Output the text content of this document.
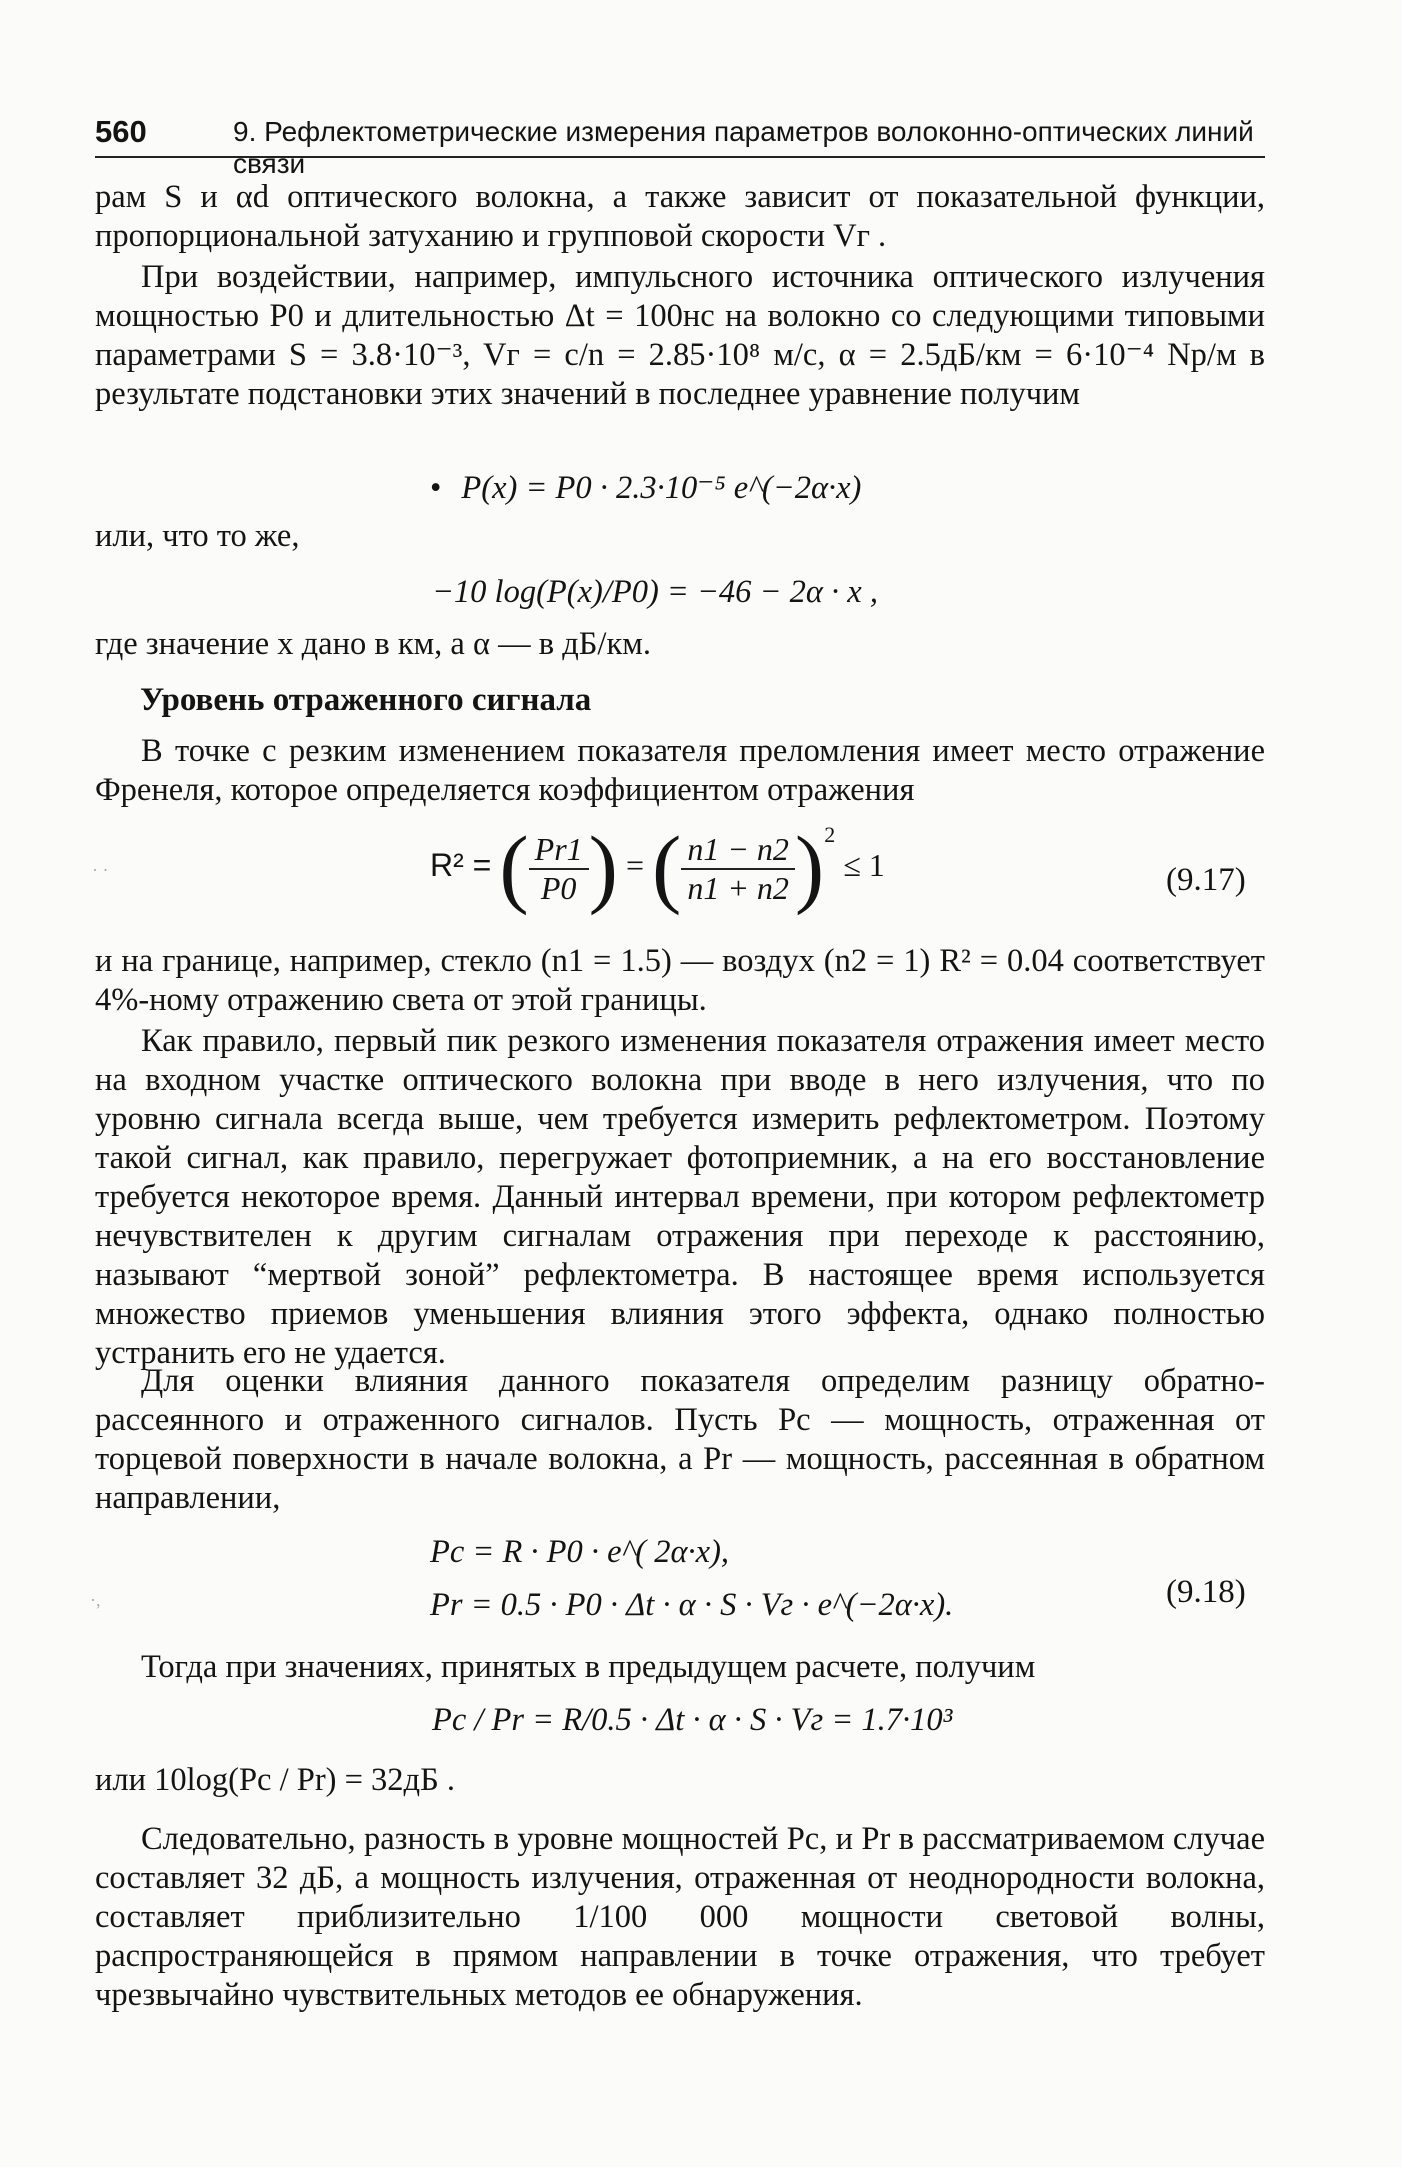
560	9. Рефлектометрические измерения параметров волоконно-оптических линий связи

рам S и αd оптического волокна, а также зависит от показательной функции, пропорциональной затуханию и групповой скорости Vг .

При воздействии, например, импульсного источника оптического излучения мощностью P0 и длительностью Δt = 100нс на волокно со следующими типовыми параметрами S = 3.8·10⁻³, Vг = c/n = 2.85·10⁸ м/с, α = 2.5дБ/км = 6·10⁻⁴ Np/м в результате подстановки этих значений в последнее уравнение получим

• P(x) = P0 · 2.3·10⁻⁵ e^(−2α·x)
или, что то же,
−10 log(P(x)/P0) = −46 − 2α · x ,
где значение x дано в км, а α — в дБ/км.
Уровень отраженного сигнала

В точке с резким изменением показателя преломления имеет место отражение Френеля, которое определяется коэффициентом отражения

R² = ( $\frac{Pr1}{P0}$ ) = ( $\frac{n1 - n2}{n1 + n2} )^2 \le 1$	(9.17)

и на границе, например, стекло (n1 = 1.5) — воздух (n2 = 1) R² = 0.04 соответствует 4%-ному отражению света от этой границы.

Как правило, первый пик резкого изменения показателя отражения имеет место на входном участке оптического волокна при вводе в него излучения, что по уровню сигнала всегда выше, чем требуется измерить рефлектометром. Поэтому такой сигнал, как правило, перегружает фотоприемник, а на его восстановление требуется некоторое время. Данный интервал времени, при котором рефлектометр нечувствителен к другим сигналам отражения при переходе к расстоянию, называют “мертвой зоной” рефлектометра. В настоящее время используется множество приемов уменьшения влияния этого эффекта, однако полностью устранить его не удается.

Для оценки влияния данного показателя определим разницу обратно-рассеянного и отраженного сигналов. Пусть Pc — мощность, отраженная от торцевой поверхности в начале волокна, а Pr — мощность, рассеянная в обратном направлении,

Pc = R · P0 · e^( 2α·x),
Pr = 0.5 · P0 · Δt · α · S · Vг · e^(−2α·x).	(9.18)

Тогда при значениях, принятых в предыдущем расчете, получим

Pc / Pr = R/0.5 · Δt · α · S · Vг = 1.7·10³
или 10log(Pc / Pr) = 32дБ .

Следовательно, разность в уровне мощностей Pc, и Pr в рассматриваемом случае составляет 32 дБ, а мощность излучения, отраженная от неоднородности волокна, составляет приблизительно 1/100 000 мощности световой волны, распространяющейся в прямом направлении в точке отражения, что требует чрезвычайно чувствительных методов ее обнаружения.

· ·
·,
